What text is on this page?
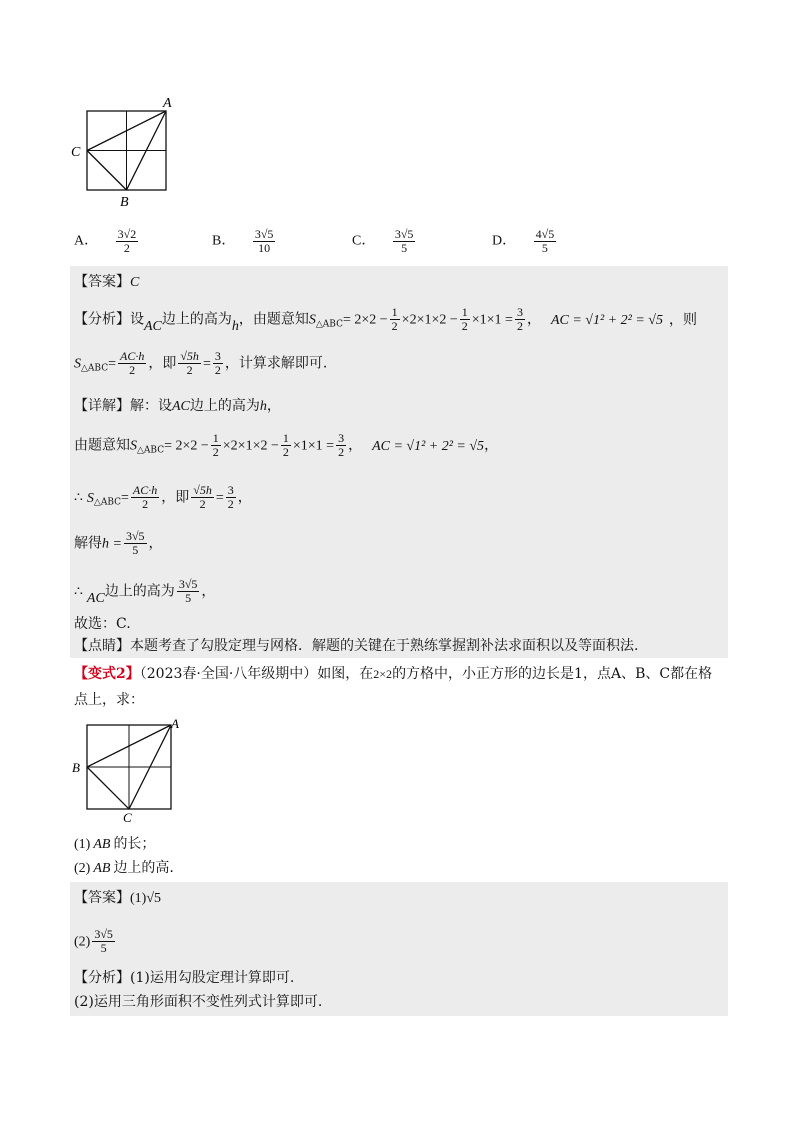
A
C
B
A． $\frac{3√2}{2}$	B． $\frac{3√5}{10}$	C． $\frac{3√5}{5}$	D． $\frac{4√5}{5}$
【答案】C
【分析】设AC边上的高为h，由题意知$S_{\triangle ABC}= 2\times 2 - \frac{1}{2} \times 2\times 1\times 2 - \frac{1}{2} \times 1\times 1 = \frac{3}{2}$ ， AC = √1² + 2² = √5 ，则
$S_{\triangle ABC}= \frac{AC\cdot h}{2}$ ，即 $\frac{√5h}{2} = \frac{3}{2}$ ，计算求解即可.
【详解】解：设AC边上的高为h，
由题意知$S_{\triangle ABC}= 2\times 2 - \frac{1}{2} \times 2\times 1\times 2 - \frac{1}{2} \times 1\times 1 = \frac{3}{2}$ ， AC = √1² + 2² = √5，
∴ $S_{\triangle ABC}= \frac{AC\cdot h}{2}$ ，即 $\frac{√5h}{2} = \frac{3}{2}$ ，
解得$h = \frac{3√5}{5}$ ，
∴ AC边上的高为 $\frac{3√5}{5}$ ，
故选：C.
【点睛】本题考查了勾股定理与网格．解题的关键在于熟练掌握割补法求面积以及等面积法.
【变式2】（2023春·全国·八年级期中）如图，在2×2的方格中，小正方形的边长是1，点A、B、C都在格
点上，求：
A
B
C
(1) AB 的长；
(2) AB 边上的高.
【答案】(1)√5
$(2) \frac{3√5}{5}$
【分析】(1)运用勾股定理计算即可.
(2)运用三角形面积不变性列式计算即可.
